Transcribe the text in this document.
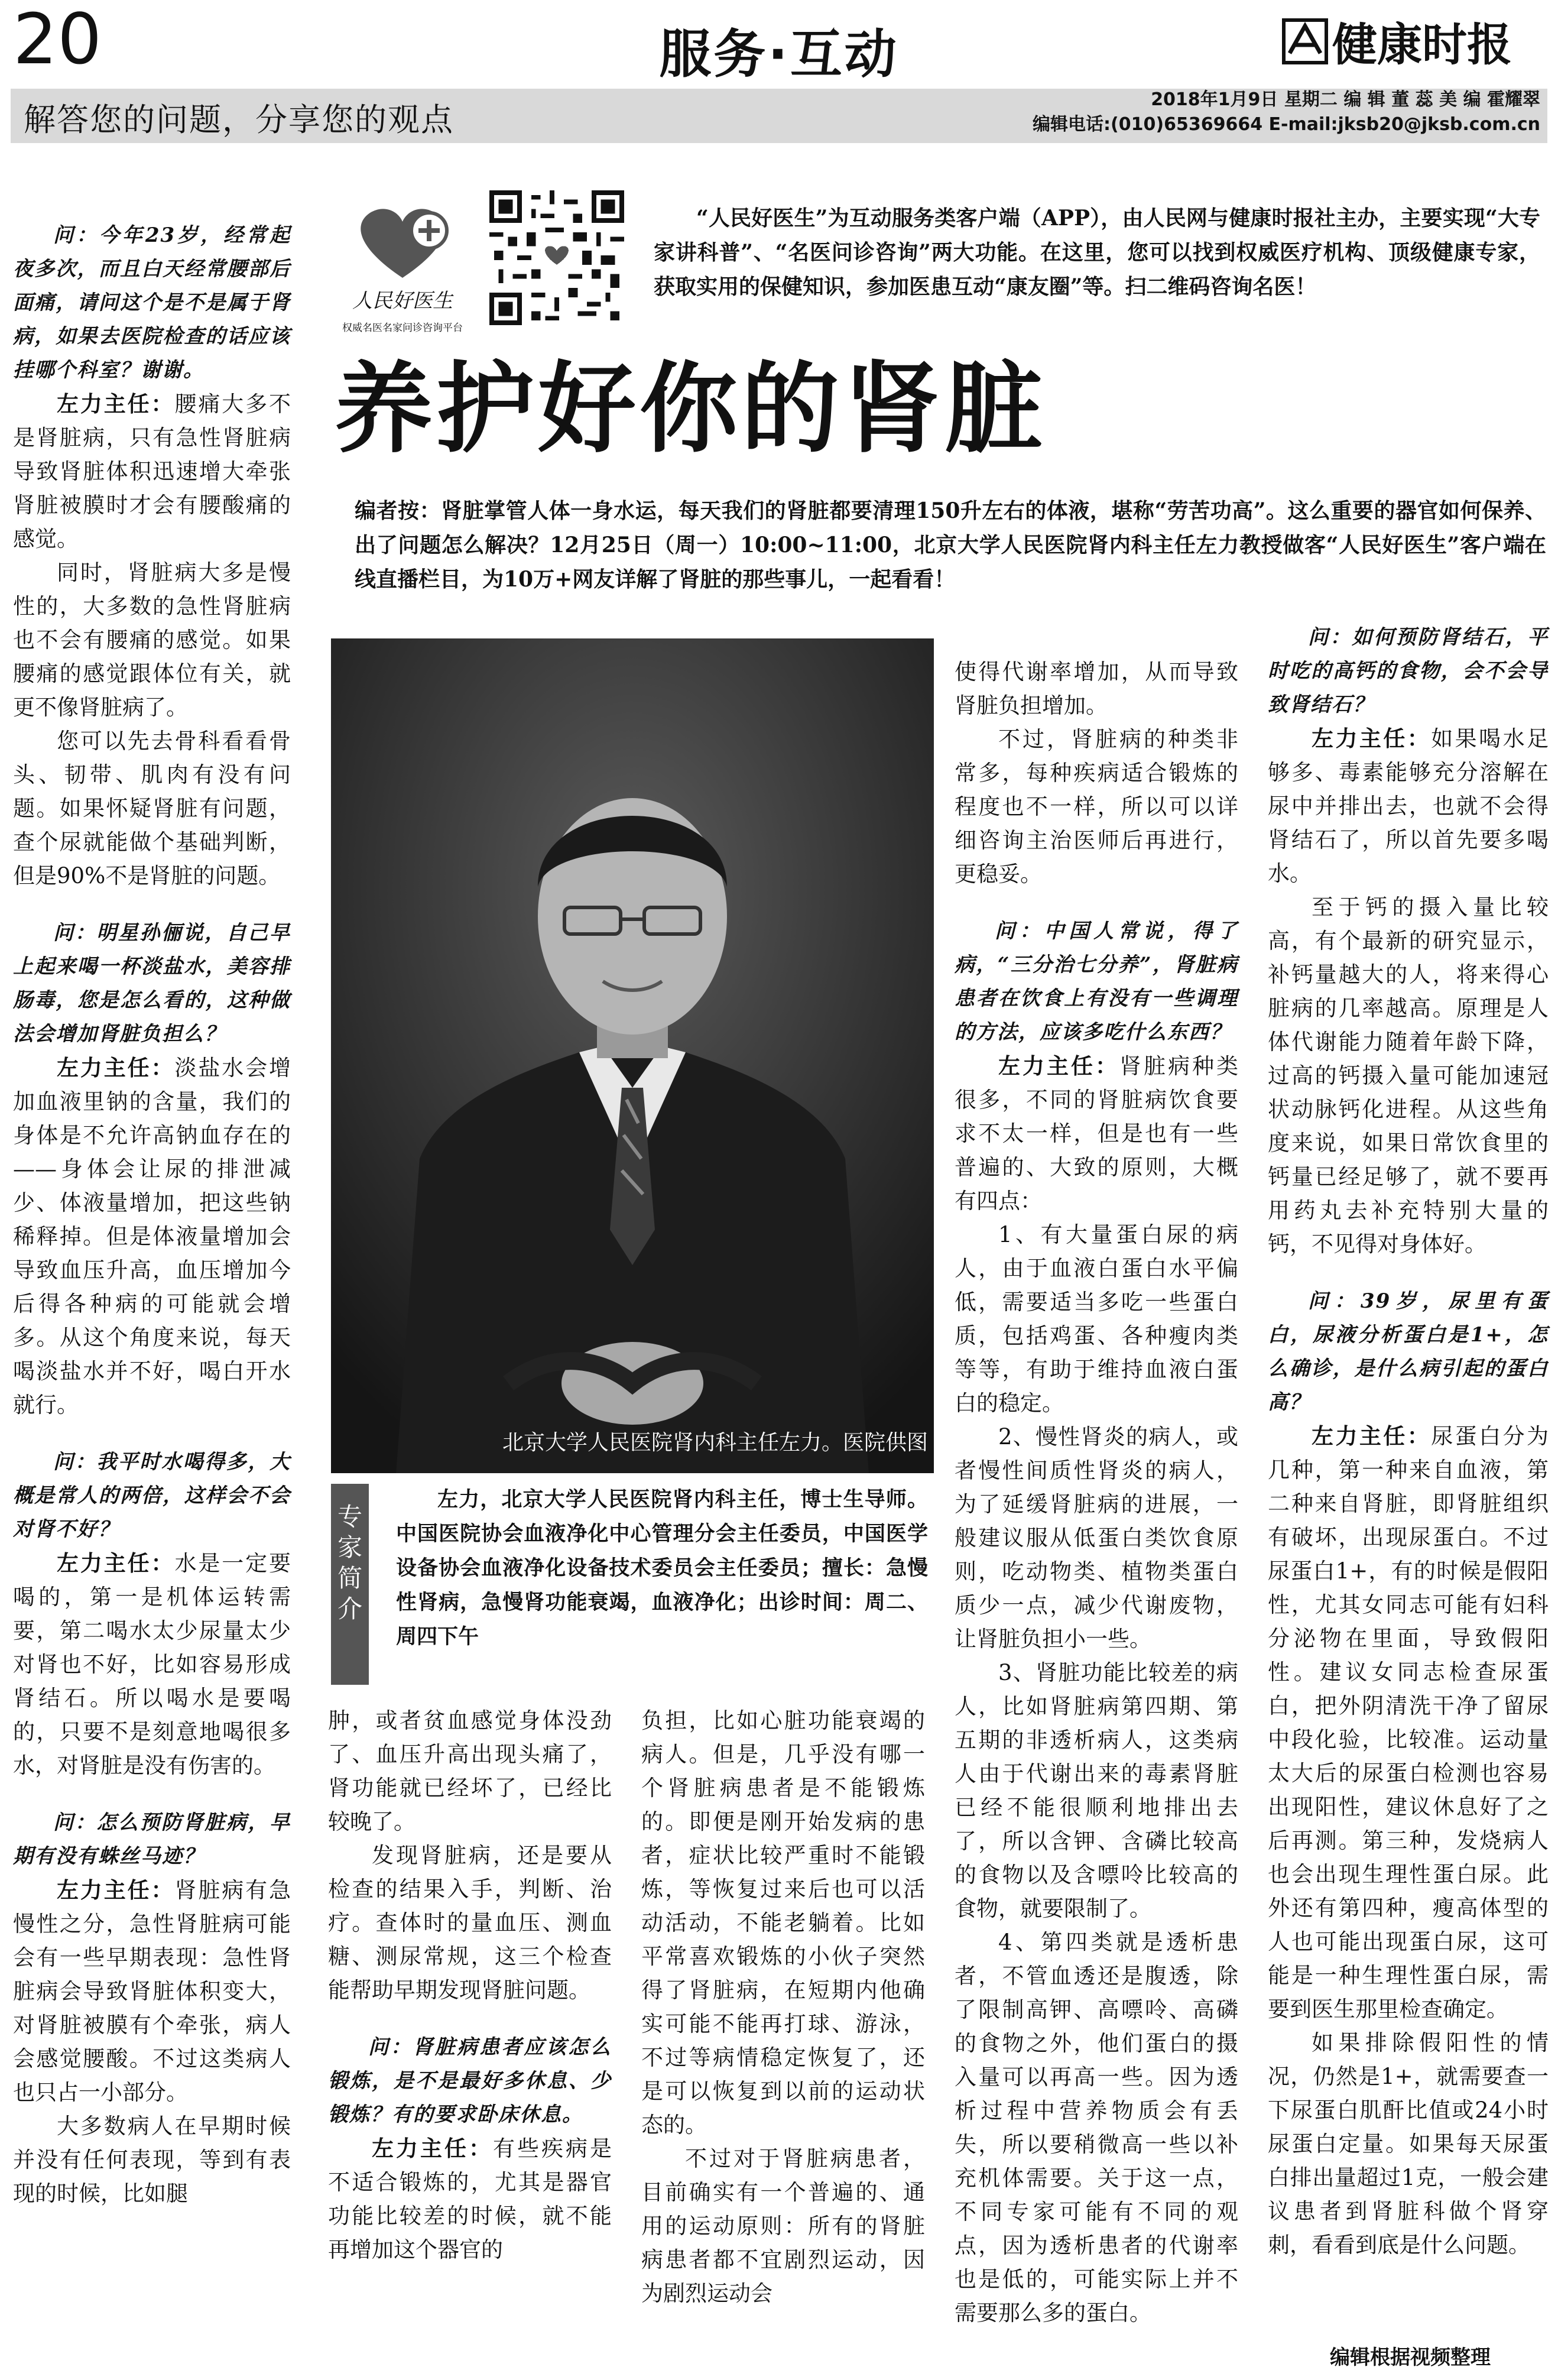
20	服务·互动	健康时报
解答您的问题，分享您的观点
2018年1月9日 星期二 编 辑 董 蕊 美 编 霍耀翠
编辑电话:(010)65369664 E-mail:jksb20@jksb.com.cn
人民好医生
权威名医名家问诊咨询平台
“人民好医生”为互动服务类客户端（APP），由人民网与健康时报社主办，主要实现“大专家讲科普”、“名医问诊咨询”两大功能。在这里，您可以找到权威医疗机构、顶级健康专家，获取实用的保健知识，参加医患互动“康友圈”等。扫二维码咨询名医！
养护好你的肾脏
编者按：肾脏掌管人体一身水运，每天我们的肾脏都要清理150升左右的体液，堪称“劳苦功高”。这么重要的器官如何保养、出了问题怎么解决？12月25日（周一）10:00~11:00，北京大学人民医院肾内科主任左力教授做客“人民好医生”客户端在线直播栏目，为10万+网友详解了肾脏的那些事儿，一起看看！
北京大学人民医院肾内科主任左力。医院供图
专家简介
左力，北京大学人民医院肾内科主任，博士生导师。中国医院协会血液净化中心管理分会主任委员，中国医学设备协会血液净化设备技术委员会主任委员；擅长：急慢性肾病，急慢肾功能衰竭，血液净化；出诊时间：周二、周四下午

问：今年23岁，经常起夜多次，而且白天经常腰部后面痛，请问这个是不是属于肾病，如果去医院检查的话应该挂哪个科室？谢谢。

左力主任：腰痛大多不是肾脏病，只有急性肾脏病导致肾脏体积迅速增大牵张肾脏被膜时才会有腰酸痛的感觉。

同时，肾脏病大多是慢性的，大多数的急性肾脏病也不会有腰痛的感觉。如果腰痛的感觉跟体位有关，就更不像肾脏病了。

您可以先去骨科看看骨头、韧带、肌肉有没有问题。如果怀疑肾脏有问题，查个尿就能做个基础判断，但是90%不是肾脏的问题。

问：明星孙俪说，自己早上起来喝一杯淡盐水，美容排肠毒，您是怎么看的，这种做法会增加肾脏负担么？

左力主任：淡盐水会增加血液里钠的含量，我们的身体是不允许高钠血存在的——身体会让尿的排泄减少、体液量增加，把这些钠稀释掉。但是体液量增加会导致血压升高，血压增加今后得各种病的可能就会增多。从这个角度来说，每天喝淡盐水并不好，喝白开水就行。

问：我平时水喝得多，大概是常人的两倍，这样会不会对肾不好？

左力主任：水是一定要喝的，第一是机体运转需要，第二喝水太少尿量太少对肾也不好，比如容易形成肾结石。所以喝水是要喝的，只要不是刻意地喝很多水，对肾脏是没有伤害的。

问：怎么预防肾脏病，早期有没有蛛丝马迹？

左力主任：肾脏病有急慢性之分，急性肾脏病可能会有一些早期表现：急性肾脏病会导致肾脏体积变大，对肾脏被膜有个牵张，病人会感觉腰酸。不过这类病人也只占一小部分。

大多数病人在早期时候并没有任何表现，等到有表现的时候，比如腿

肿，或者贫血感觉身体没劲了、血压升高出现头痛了，肾功能就已经坏了，已经比较晚了。

发现肾脏病，还是要从检查的结果入手，判断、治疗。查体时的量血压、测血糖、测尿常规，这三个检查能帮助早期发现肾脏问题。

问：肾脏病患者应该怎么锻炼，是不是最好多休息、少锻炼？有的要求卧床休息。

左力主任：有些疾病是不适合锻炼的，尤其是器官功能比较差的时候，就不能再增加这个器官的

负担，比如心脏功能衰竭的病人。但是，几乎没有哪一个肾脏病患者是不能锻炼的。即便是刚开始发病的患者，症状比较严重时不能锻炼，等恢复过来后也可以活动活动，不能老躺着。比如平常喜欢锻炼的小伙子突然得了肾脏病，在短期内他确实可能不能再打球、游泳，不过等病情稳定恢复了，还是可以恢复到以前的运动状态的。

不过对于肾脏病患者，目前确实有一个普遍的、通用的运动原则：所有的肾脏病患者都不宜剧烈运动，因为剧烈运动会

使得代谢率增加，从而导致肾脏负担增加。

不过，肾脏病的种类非常多，每种疾病适合锻炼的程度也不一样，所以可以详细咨询主治医师后再进行，更稳妥。

问：中国人常说，得了病，“三分治七分养”，肾脏病患者在饮食上有没有一些调理的方法，应该多吃什么东西？

左力主任：肾脏病种类很多，不同的肾脏病饮食要求不太一样，但是也有一些普遍的、大致的原则，大概有四点：

1、有大量蛋白尿的病人，由于血液白蛋白水平偏低，需要适当多吃一些蛋白质，包括鸡蛋、各种瘦肉类等等，有助于维持血液白蛋白的稳定。

2、慢性肾炎的病人，或者慢性间质性肾炎的病人，为了延缓肾脏病的进展，一般建议服从低蛋白类饮食原则，吃动物类、植物类蛋白质少一点，减少代谢废物，让肾脏负担小一些。

3、肾脏功能比较差的病人，比如肾脏病第四期、第五期的非透析病人，这类病人由于代谢出来的毒素肾脏已经不能很顺利地排出去了，所以含钾、含磷比较高的食物以及含嘌呤比较高的食物，就要限制了。

4、第四类就是透析患者，不管血透还是腹透，除了限制高钾、高嘌呤、高磷的食物之外，他们蛋白的摄入量可以再高一些。因为透析过程中营养物质会有丢失，所以要稍微高一些以补充机体需要。关于这一点，不同专家可能有不同的观点，因为透析患者的代谢率也是低的，可能实际上并不需要那么多的蛋白。

问：如何预防肾结石，平时吃的高钙的食物，会不会导致肾结石？

左力主任：如果喝水足够多、毒素能够充分溶解在尿中并排出去，也就不会得肾结石了，所以首先要多喝水。

至于钙的摄入量比较高，有个最新的研究显示，补钙量越大的人，将来得心脏病的几率越高。原理是人体代谢能力随着年龄下降，过高的钙摄入量可能加速冠状动脉钙化进程。从这些角度来说，如果日常饮食里的钙量已经足够了，就不要再用药丸去补充特别大量的钙，不见得对身体好。

问：39岁，尿里有蛋白，尿液分析蛋白是1+，怎么确诊，是什么病引起的蛋白高？

左力主任：尿蛋白分为几种，第一种来自血液，第二种来自肾脏，即肾脏组织有破坏，出现尿蛋白。不过尿蛋白1+，有的时候是假阳性，尤其女同志可能有妇科分泌物在里面，导致假阳性。建议女同志检查尿蛋白，把外阴清洗干净了留尿中段化验，比较准。运动量太大后的尿蛋白检测也容易出现阳性，建议休息好了之后再测。第三种，发烧病人也会出现生理性蛋白尿。此外还有第四种，瘦高体型的人也可能出现蛋白尿，这可能是一种生理性蛋白尿，需要到医生那里检查确定。

如果排除假阳性的情况，仍然是1+，就需要查一下尿蛋白肌酐比值或24小时尿蛋白定量。如果每天尿蛋白排出量超过1克，一般会建议患者到肾脏科做个肾穿刺，看看到底是什么问题。

编辑根据视频整理
